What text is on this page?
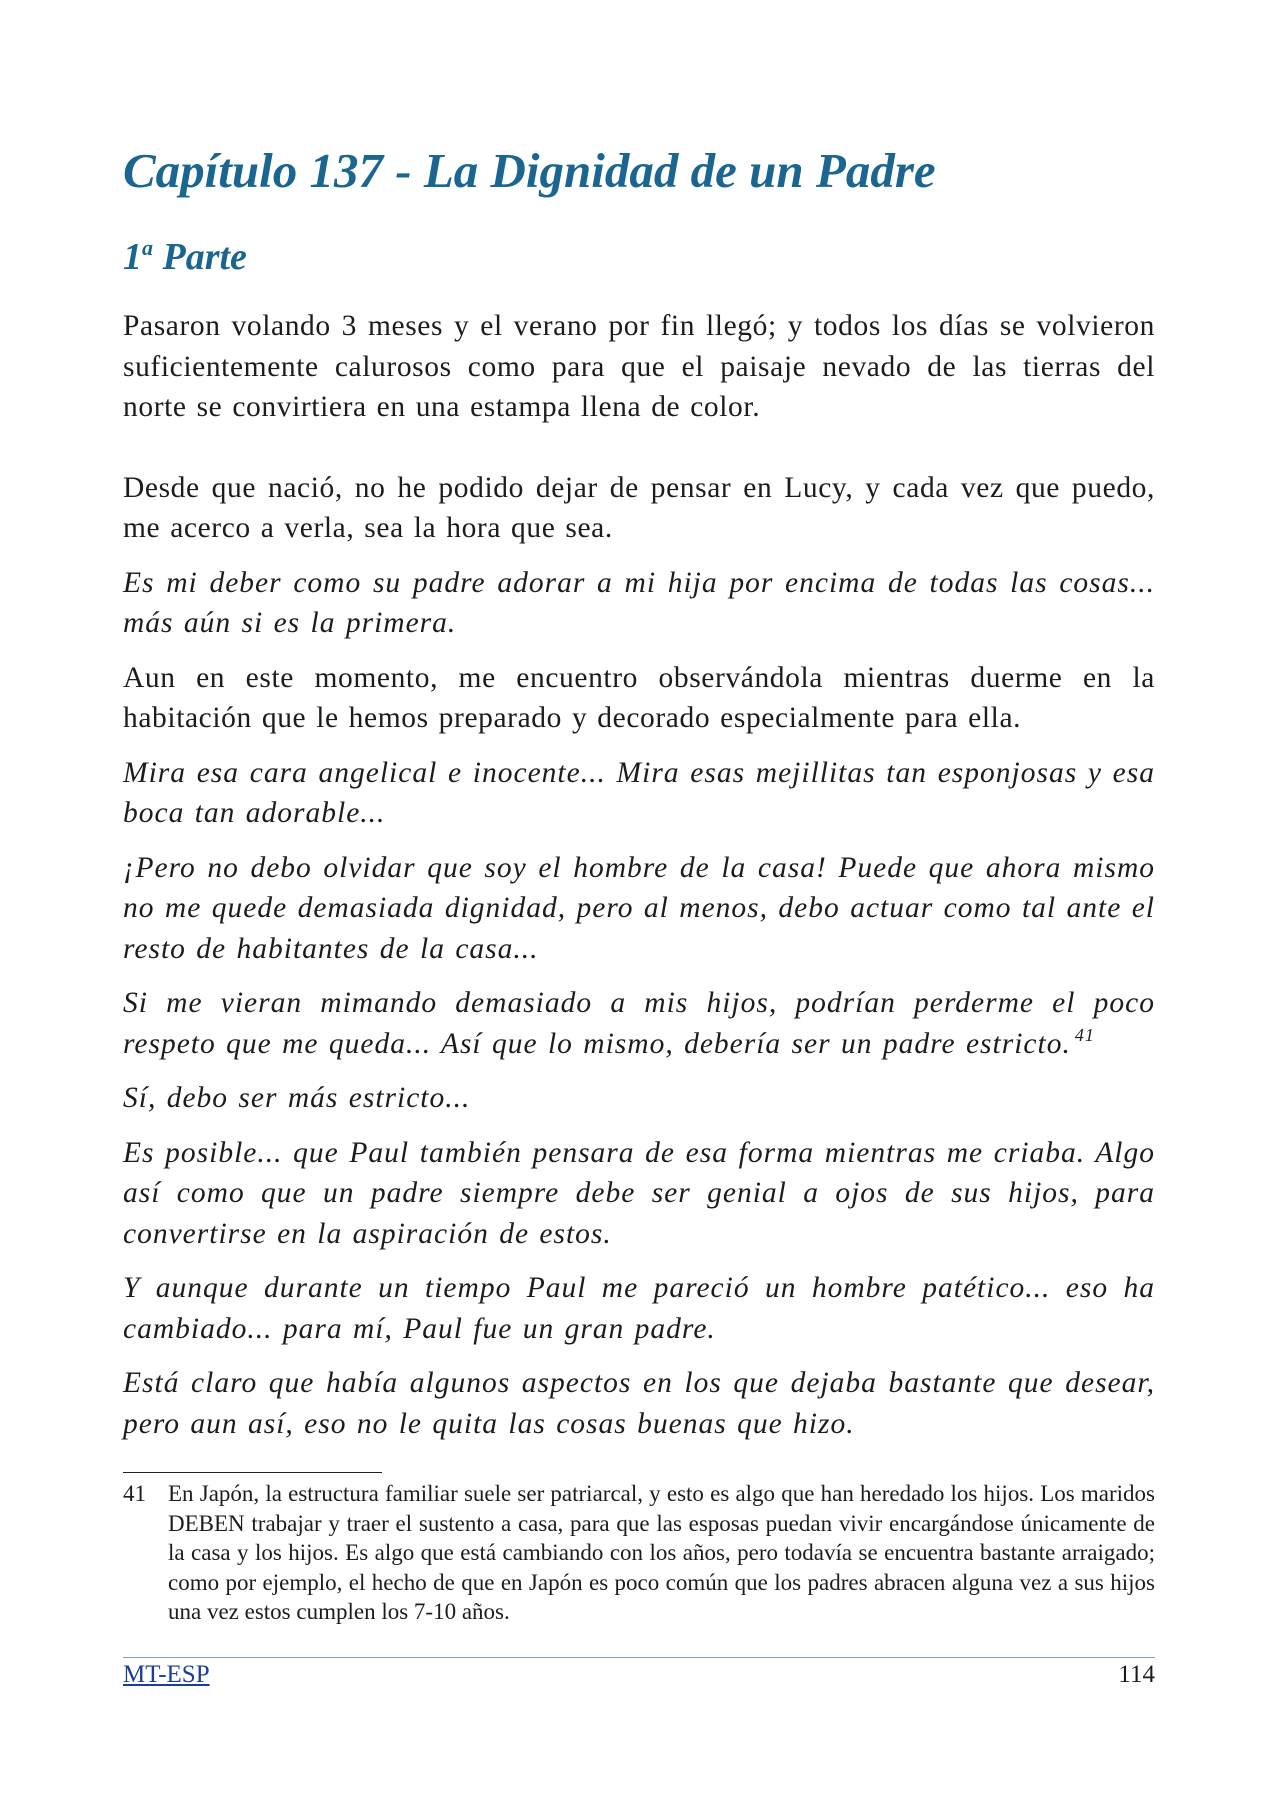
Capítulo 137 - La Dignidad de un Padre
1$^a$ Parte

Pasaron volando 3 meses y el verano por fin llegó; y todos los días se volvieron suficientemente calurosos como para que el paisaje nevado de las tierras del norte se convirtiera en una estampa llena de color.

Desde que nació, no he podido dejar de pensar en Lucy, y cada vez que puedo, me acerco a verla, sea la hora que sea.

Es mi deber como su padre adorar a mi hija por encima de todas las cosas... más aún si es la primera.

Aun en este momento, me encuentro observándola mientras duerme en la habitación que le hemos preparado y decorado especialmente para ella.

Mira esa cara angelical e inocente... Mira esas mejillitas tan esponjosas y esa boca tan adorable...

¡Pero no debo olvidar que soy el hombre de la casa! Puede que ahora mismo no me quede demasiada dignidad, pero al menos, debo actuar como tal ante el resto de habitantes de la casa...

Si me vieran mimando demasiado a mis hijos, podrían perderme el poco respeto que me queda... Así que lo mismo, debería ser un padre estricto. $^{41}$

Sí, debo ser más estricto...

Es posible... que Paul también pensara de esa forma mientras me criaba. Algo así como que un padre siempre debe ser genial a ojos de sus hijos, para convertirse en la aspiración de estos.

Y aunque durante un tiempo Paul me pareció un hombre patético... eso ha cambiado... para mí, Paul fue un gran padre.

Está claro que había algunos aspectos en los que dejaba bastante que desear, pero aun así, eso no le quita las cosas buenas que hizo.

41 En Japón, la estructura familiar suele ser patriarcal, y esto es algo que han heredado los hijos. Los maridos DEBEN trabajar y traer el sustento a casa, para que las esposas puedan vivir encargándose únicamente de la casa y los hijos. Es algo que está cambiando con los años, pero todavía se encuentra bastante arraigado; como por ejemplo, el hecho de que en Japón es poco común que los padres abracen alguna vez a sus hijos una vez estos cumplen los 7-10 años.
MT-ESP	114
